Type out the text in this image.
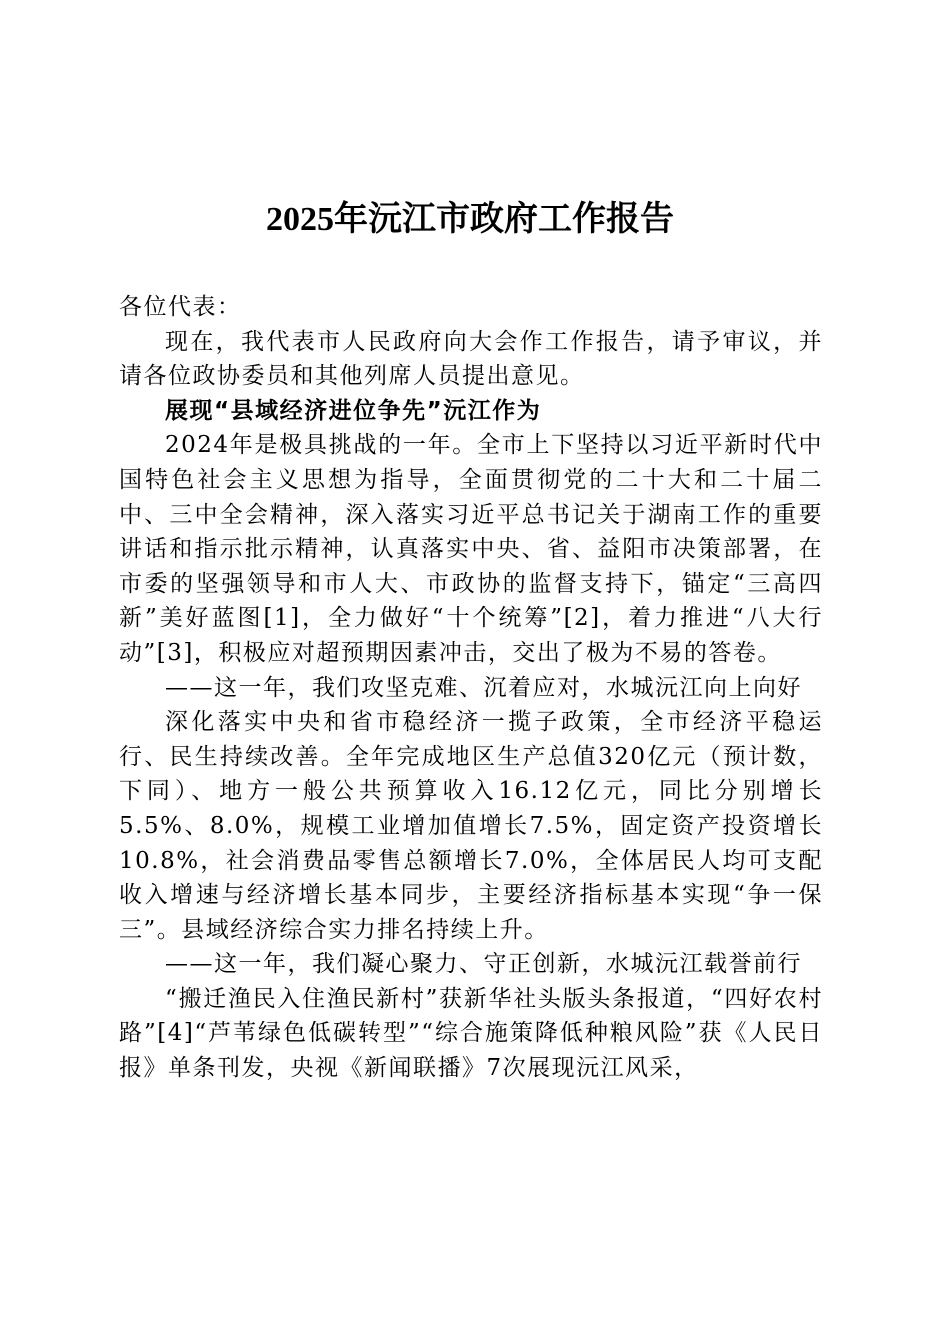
2025年沅江市政府工作报告

各位代表：

现在，我代表市人民政府向大会作工作报告，请予审议，并请各位政协委员和其他列席人员提出意见。

展现“县域经济进位争先”沅江作为

2024年是极具挑战的一年。全市上下坚持以习近平新时代中国特色社会主义思想为指导，全面贯彻党的二十大和二十届二中、三中全会精神，深入落实习近平总书记关于湖南工作的重要讲话和指示批示精神，认真落实中央、省、益阳市决策部署，在市委的坚强领导和市人大、市政协的监督支持下，锚定“三高四新”美好蓝图[1]，全力做好“十个统筹”[2]，着力推进“八大行动”[3]，积极应对超预期因素冲击，交出了极为不易的答卷。

——这一年，我们攻坚克难、沉着应对，水城沅江向上向好

深化落实中央和省市稳经济一揽子政策，全市经济平稳运行、民生持续改善。全年完成地区生产总值320亿元（预计数，下同）、地方一般公共预算收入16.12亿元，同比分别增长5.5%、8.0%，规模工业增加值增长7.5%，固定资产投资增长10.8%，社会消费品零售总额增长7.0%，全体居民人均可支配收入增速与经济增长基本同步，主要经济指标基本实现“争一保三”。县域经济综合实力排名持续上升。

——这一年，我们凝心聚力、守正创新，水城沅江载誉前行

“搬迁渔民入住渔民新村”获新华社头版头条报道，“四好农村路”[4]“芦苇绿色低碳转型”“综合施策降低种粮风险”获《人民日报》单条刊发，央视《新闻联播》7次展现沅江风采，
